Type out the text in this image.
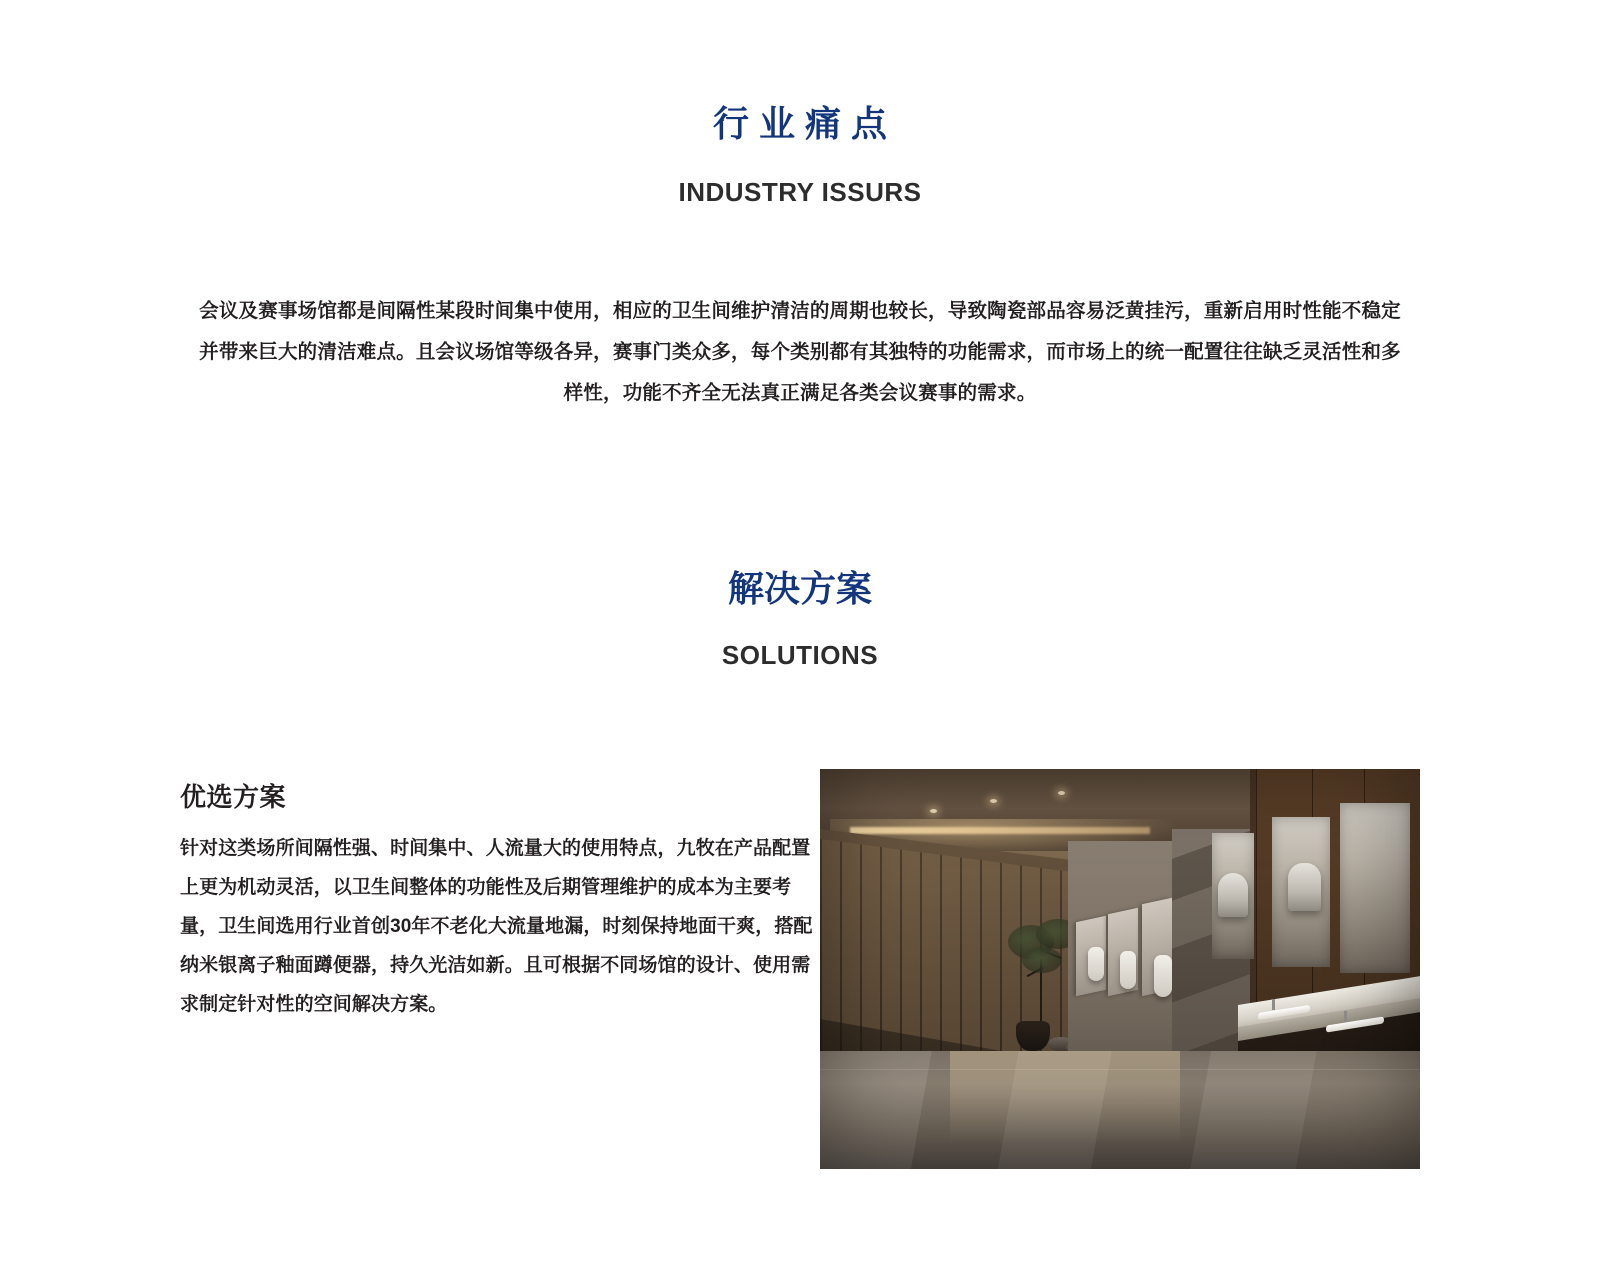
行业痛点
INDUSTRY ISSURS

会议及赛事场馆都是间隔性某段时间集中使用，相应的卫生间维护清洁的周期也较长，导致陶瓷部品容易泛黄挂污，重新启用时性能不稳定并带来巨大的清洁难点。且会议场馆等级各异，赛事门类众多，每个类别都有其独特的功能需求，而市场上的统一配置往往缺乏灵活性和多样性，功能不齐全无法真正满足各类会议赛事的需求。

解决方案
SOLUTIONS
优选方案

针对这类场所间隔性强、时间集中、人流量大的使用特点，九牧在产品配置上更为机动灵活，以卫生间整体的功能性及后期管理维护的成本为主要考量，卫生间选用行业首创30年不老化大流量地漏，时刻保持地面干爽，搭配纳米银离子釉面蹲便器，持久光洁如新。且可根据不同场馆的设计、使用需求制定针对性的空间解决方案。
